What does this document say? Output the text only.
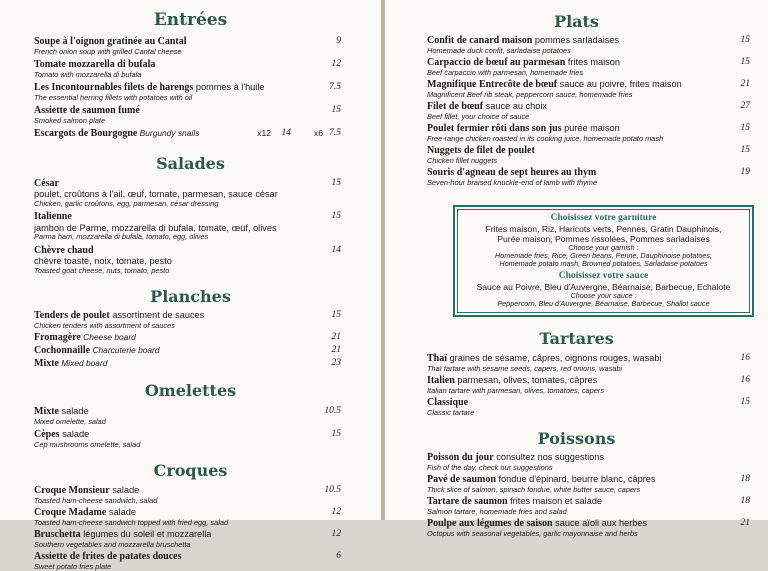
Entrées
Soupe à l'oignon gratinée au Cantal
French onion soup with grilled Cantal cheese
9
Tomate mozzarella di bufala
Tomato with mozzarella di bufala
12
Les Incontournables filets de harengs pommes à l'huile
The essential herring fillets with potatoes with oil
7.5
Assiette de saumon fumé
Smoked salmon plate
15
Escargots de Bourgogne Burgundy snails	x12 14	x6 7.5
Salades
César
poulet, croûtons à l'ail, œuf, tomate, parmesan, sauce césar
Chicken, garlic croûtons, egg, parmesan, césar dressing
15
Italienne
jambon de Parme, mozzarella di bufala, tomate, œuf, olives
Parma ham, mozzarella di bufala, tomato, egg, olives
15
Chèvre chaud
chèvre toasté, noix, tomate, pesto
Toasted goat cheese, nuts, tomato, pesto
14
Planches
Tenders de poulet assortiment de sauces
Chicken tenders with assortment of sauces
15
Fromagère Cheese board	21
Cochonnaille Charcuterie board	21
Mixte Mixed board	23
Omelettes
Mixte salade
Mixed omelette, salad
10.5
Cèpes salade
Cep mushrooms omelette, salad
15
Croques
Croque Monsieur salade
Toasted ham-cheese sandwich, salad
10.5
Croque Madame salade
Toasted ham-cheese sandwich topped with fried egg, salad
12
Bruschetta légumes du soleil et mozzarella
Southern vegetables and mozzarella bruschetta
12
Assiette de frites de patates douces
Sweet potato fries plate
6
Plats
Confit de canard maison pommes sarladaises
Homemade duck confit, sarladaise potatoes
15
Carpaccio de bœuf au parmesan frites maison
Beef carpaccio with parmesan, homemade fries
15
Magnifique Entrecôte de bœuf sauce au poivre, frites maison
Magnificent Beef rib steak, peppercorn sauce, homemade fries
21
Filet de bœuf sauce au choix
Beef fillet, your choice of sauce
27
Poulet fermier rôti dans son jus purée maison
Free-range chicken roasted in its cooking juice, homemade potato mash
15
Nuggets de filet de poulet
Chicken fillet nuggets
15
Souris d'agneau de sept heures au thym
Seven-hour braised knuckle-end of lamb with thyme
19
Choisissez votre garniture
Frites maison, Riz, Haricots verts, Pennes, Gratin Dauphinois,
Purée maison, Pommes rissolées, Pommes sarladaises
Choose your garnish :
Homemade fries, Rice, Green beans, Penne, Dauphinoise potatoes,
Homemade potato mash, Browned potatoes, Sarladaise potatoes
Choisissez votre sauce
Sauce au Poivre, Bleu d'Auvergne, Béarnaise, Barbecue, Echalote
Choose your sauce :
Peppercorn, Bleu d'Auvergne, Béarnaise, Barbecue, Shallot sauce
Tartares
Thaï graines de sésame, câpres, oignons rouges, wasabi
Thaï tartare with sesame seeds, capers, red onions, wasabi
16
Italien parmesan, olives, tomates, câpres
Italian tartare with parmesan, olives, tomatoes, capers
16
Classique
Classic tartare
15
Poissons
Poisson du jour consultez nos suggestions
Fish of the day, check our suggestions
Pavé de saumon fondue d'épinard, beurre blanc, câpres
Thick slice of salmon, spinach fondue, white butter sauce, capers
18
Tartare de saumon frites maison et salade
Salmon tartare, homemade fries and salad
18
Poulpe aux légumes de saison sauce aïoli aux herbes
Octopus with seasonal vegetables, garlic mayonnaise and herbs
21
